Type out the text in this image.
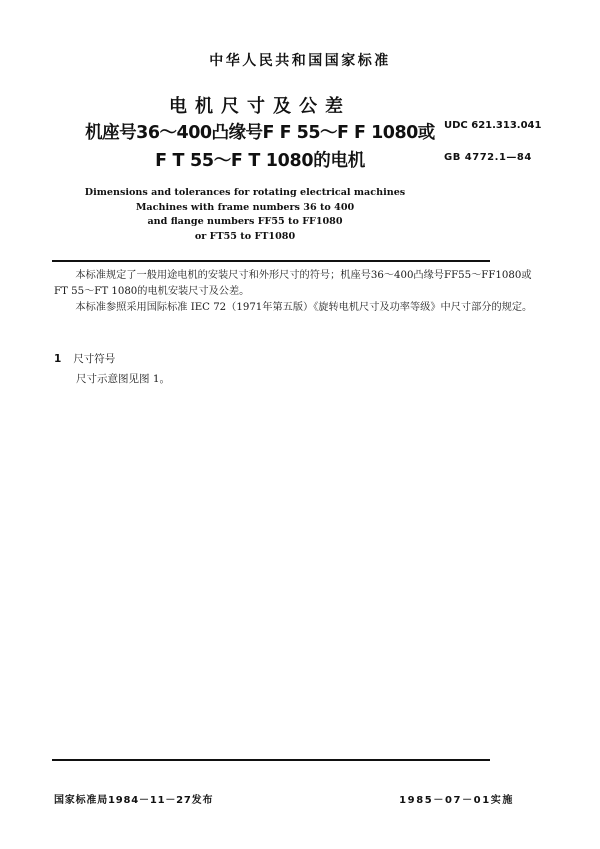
中华人民共和国国家标准
电机尺寸及公差
机座号36～400凸缘号F F 55～F F 1080或
F T 55～F T 1080的电机
UDC 621.313.041
GB 4772.1—84
Dimensions and tolerances for rotating electrical machines
Machines with frame numbers 36 to 400
and flange numbers FF55 to FF1080
or FT55 to FT1080

本标准规定了一般用途电机的安装尺寸和外形尺寸的符号；机座号36～400凸缘号FF55～FF1080或FT 55～FT 1080的电机安装尺寸及公差。

本标准参照采用国际标准 IEC 72（1971年第五版）《旋转电机尺寸及功率等级》中尺寸部分的规定。

1 尺寸符号
尺寸示意图见图 1。
国家标准局1984－11－27发布	1985－07－01实施
